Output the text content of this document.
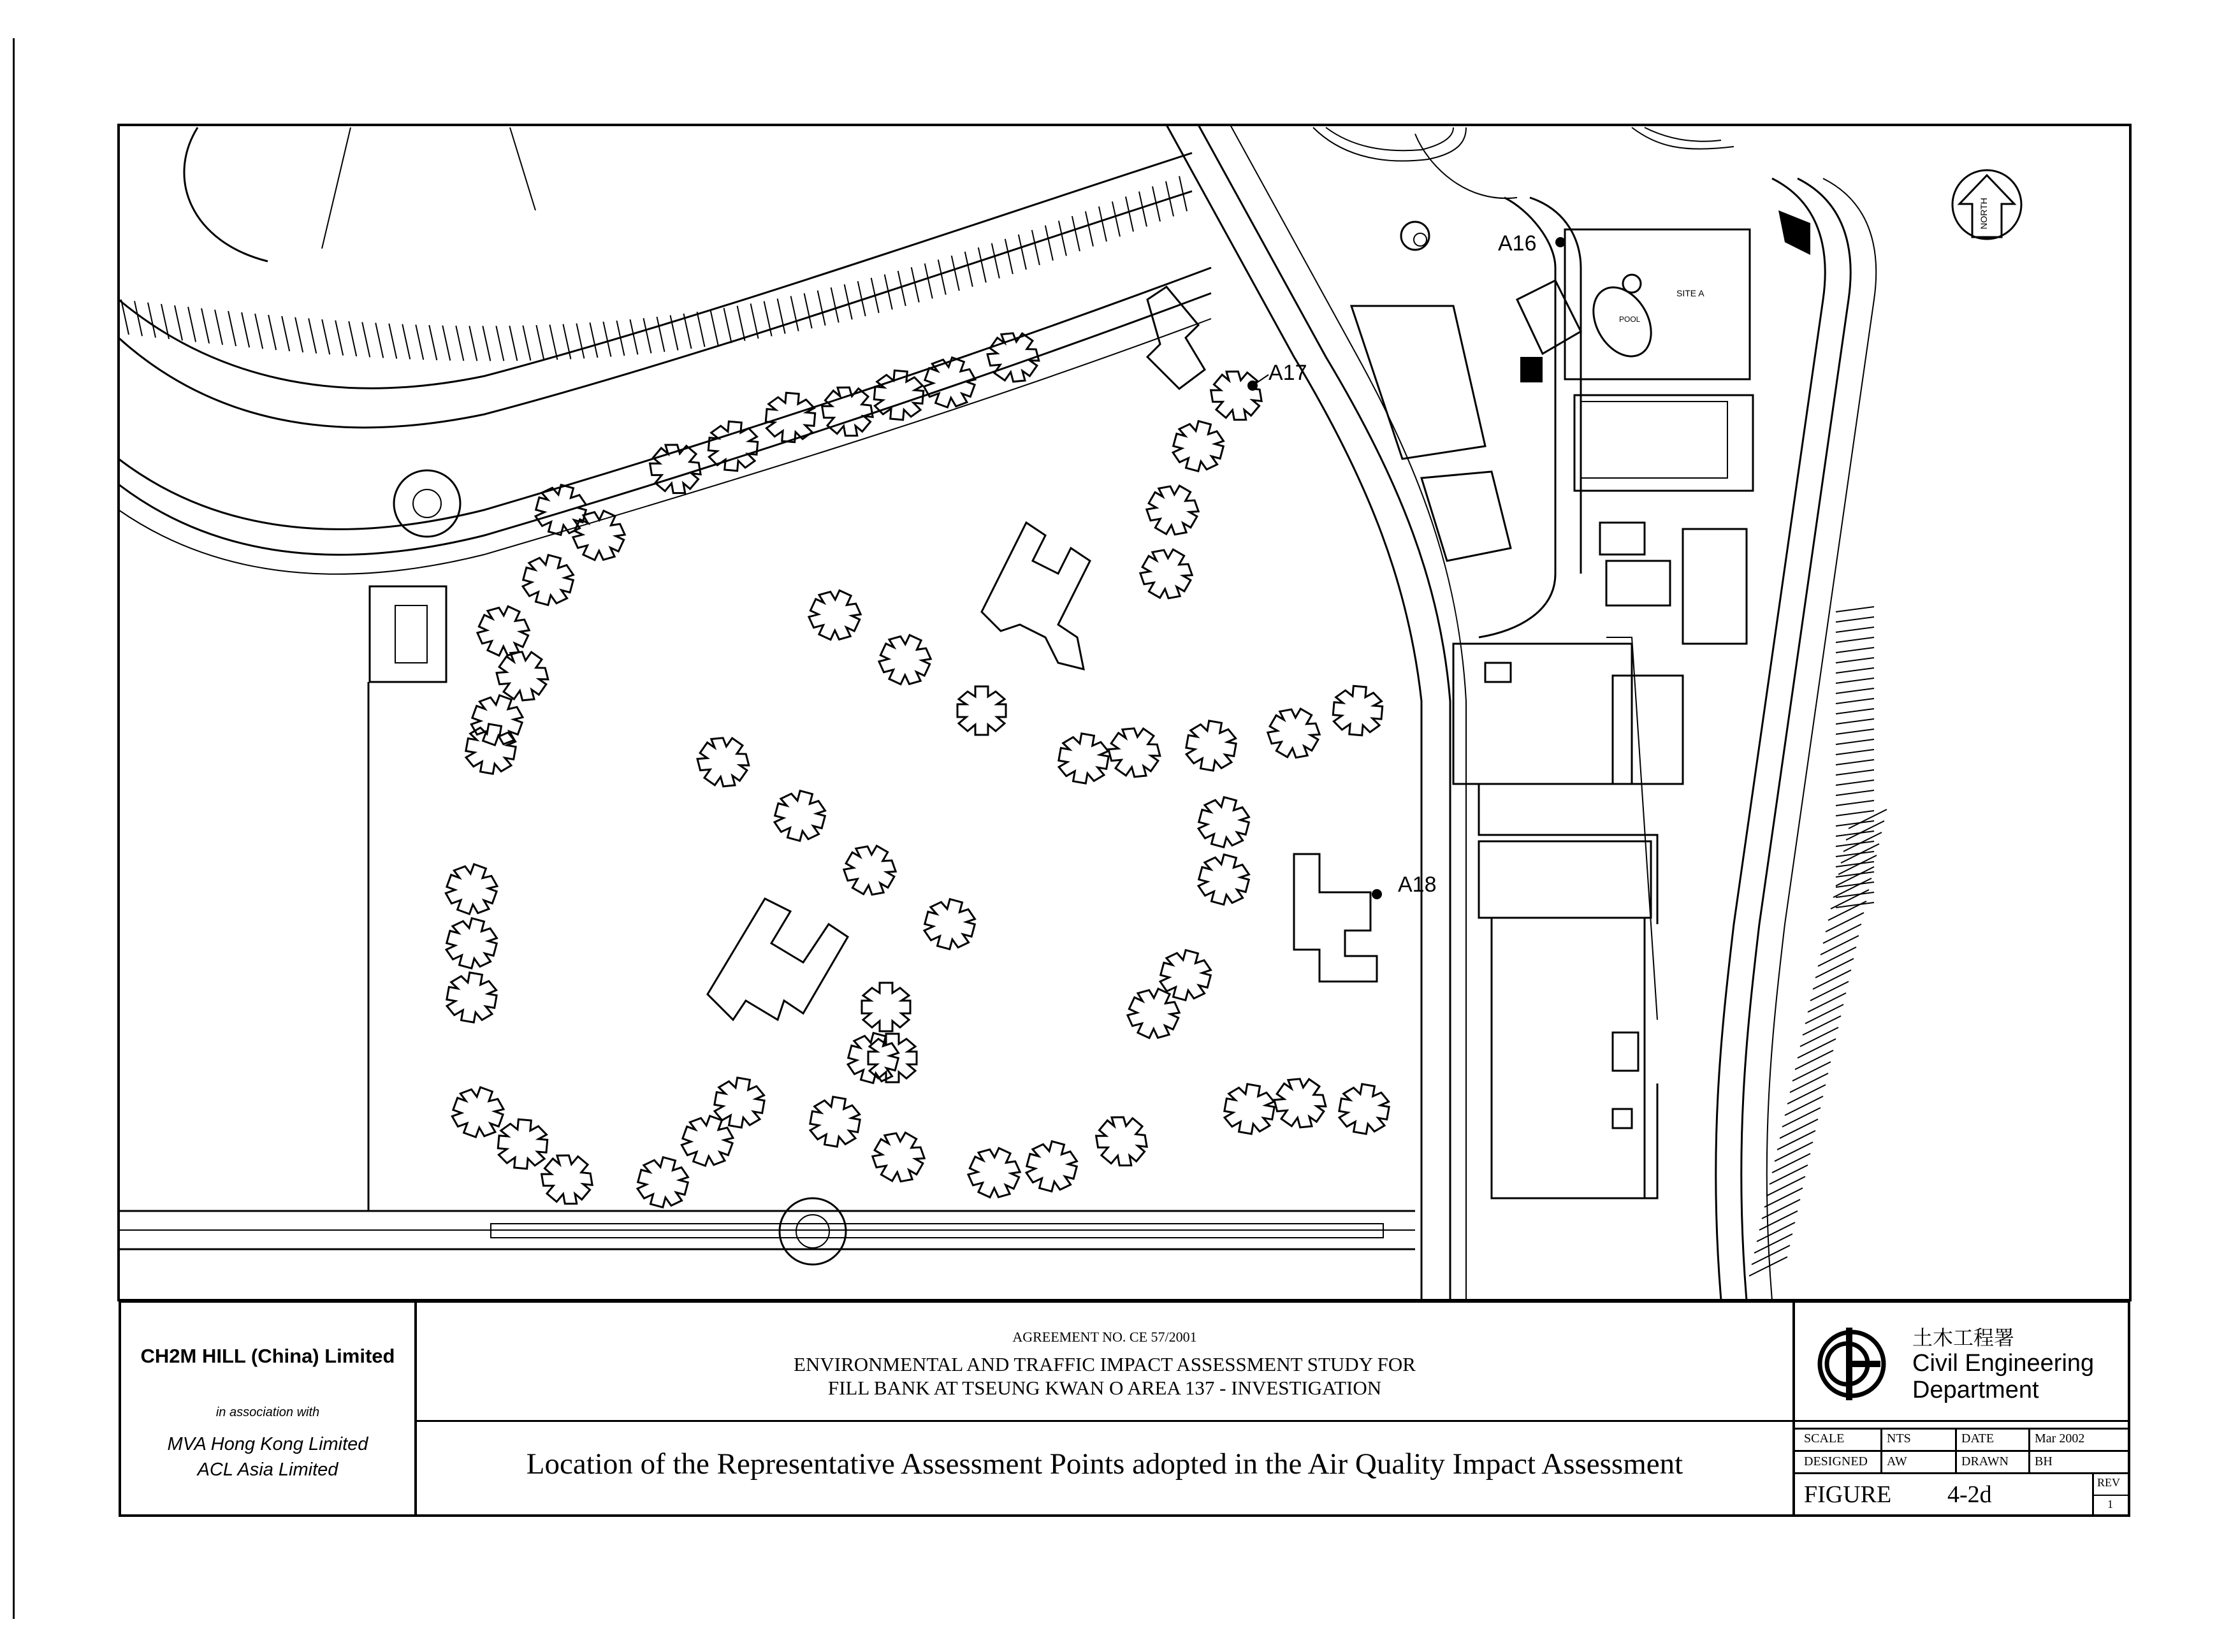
A16
A17
A18
SITE A
POOL
NORTH
CH2M HILL (China) Limited
in association with
MVA Hong Kong Limited
ACL Asia Limited
AGREEMENT NO. CE 57/2001
ENVIRONMENTAL AND TRAFFIC IMPACT ASSESSMENT STUDY FOR
FILL BANK AT TSEUNG KWAN O AREA 137 - INVESTIGATION
Location of the Representative Assessment Points adopted in the Air Quality Impact Assessment
土木工程署
Civil Engineering
Department
SCALE	NTS	DATE	Mar 2002
DESIGNED AW	DRAWN BH
FIGURE 4-2d	REV
1
